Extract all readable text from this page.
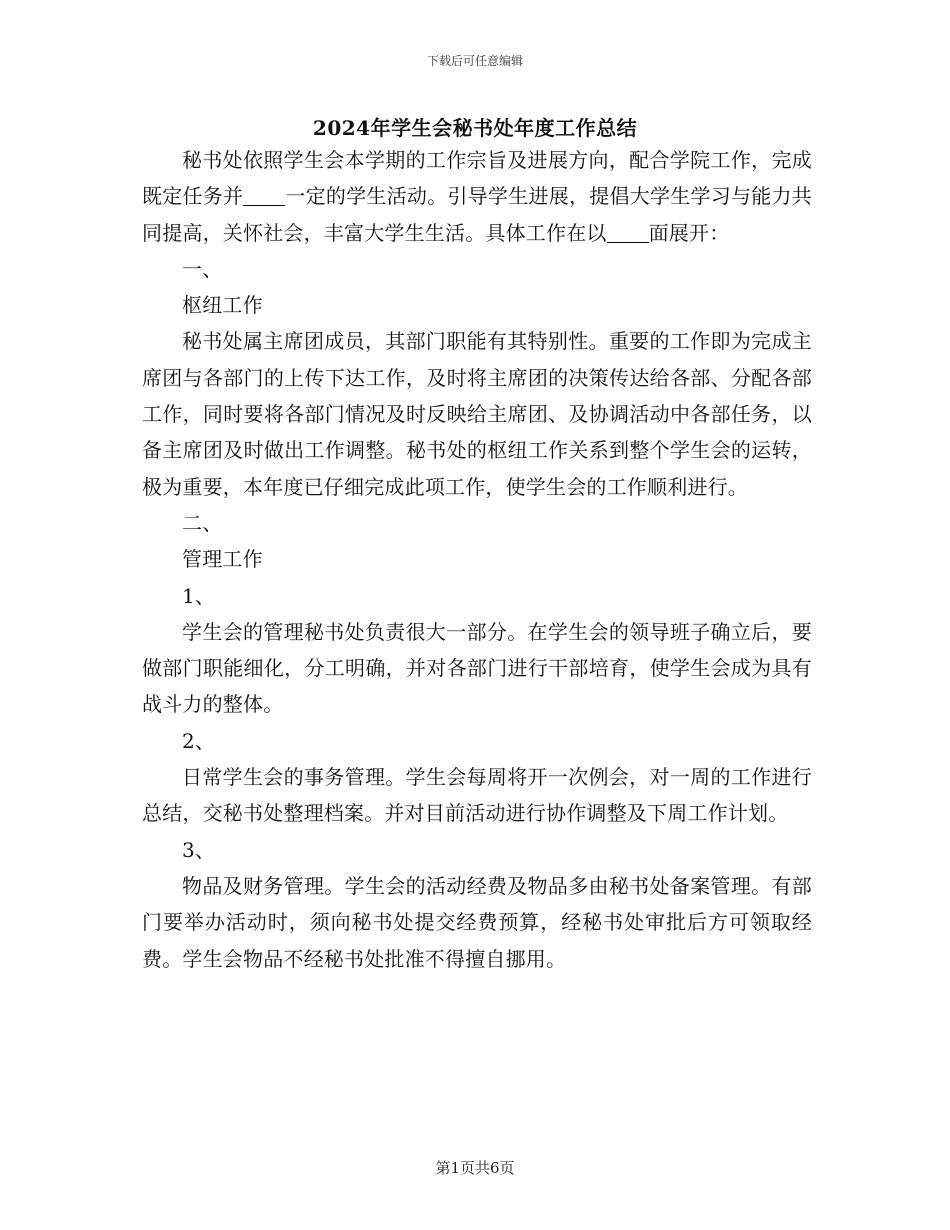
下载后可任意编辑
2024年学生会秘书处年度工作总结

秘书处依照学生会本学期的工作宗旨及进展方向，配合学院工作，完成既定任务并 一定的学生活动。引导学生进展，提倡大学生学习与能力共同提高，关怀社会，丰富大学生生活。具体工作在以 面展开：

一、

枢纽工作

秘书处属主席团成员，其部门职能有其特别性。重要的工作即为完成主席团与各部门的上传下达工作，及时将主席团的决策传达给各部、分配各部工作，同时要将各部门情况及时反映给主席团、及协调活动中各部任务，以备主席团及时做出工作调整。秘书处的枢纽工作关系到整个学生会的运转，极为重要，本年度已仔细完成此项工作，使学生会的工作顺利进行。

二、

管理工作

1、

学生会的管理秘书处负责很大一部分。在学生会的领导班子确立后，要做部门职能细化，分工明确，并对各部门进行干部培育，使学生会成为具有战斗力的整体。

2、

日常学生会的事务管理。学生会每周将开一次例会，对一周的工作进行总结，交秘书处整理档案。并对目前活动进行协作调整及下周工作计划。

3、

物品及财务管理。学生会的活动经费及物品多由秘书处备案管理。有部门要举办活动时，须向秘书处提交经费预算，经秘书处审批后方可领取经费。学生会物品不经秘书处批准不得擅自挪用。

第1页共6页
